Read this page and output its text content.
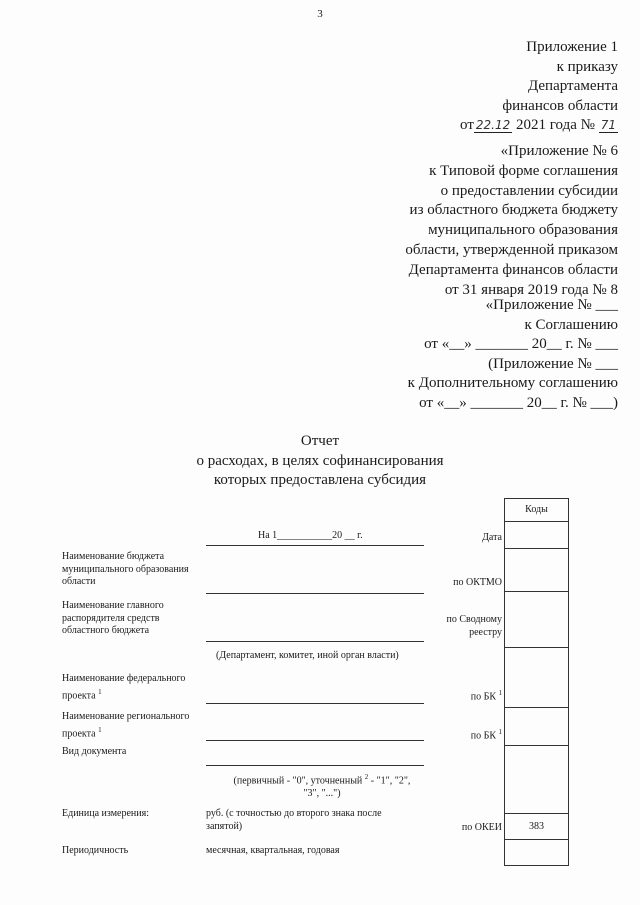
3
Приложение 1
к приказу
Департамента
финансов области
от 22.12 2021 года № 71
«Приложение № 6
к Типовой форме соглашения
о предоставлении субсидии
из областного бюджета бюджету
муниципального образования
области, утвержденной приказом
Департамента финансов области
от 31 января 2019 года № 8
«Приложение № ___
к Соглашению
от «__» _______ 20__ г. № ___
(Приложение № ___
к Дополнительному соглашению
от «__» _______ 20__ г. № ___)
Отчет
о расходах, в целях софинансирования
которых предоставлена субсидия
На 1___________20 __ г.
Наименование бюджета муниципального образования области
Наименование главного распорядителя средств областного бюджета
(Департамент, комитет, иной орган власти)
Наименование федерального проекта $^1$
Наименование регионального проекта $^1$
Вид документа
(первичный - "0", уточненный $^2$ - "1", "2",
"3", "...")
Единица измерения:	руб. (с точностью до второго знака после запятой)
Периодичность	месячная, квартальная, годовая
Дата
по ОКТМО
по Сводному
реестру
по БК $^1$
по БК $^1$
по ОКЕИ
Коды
383
